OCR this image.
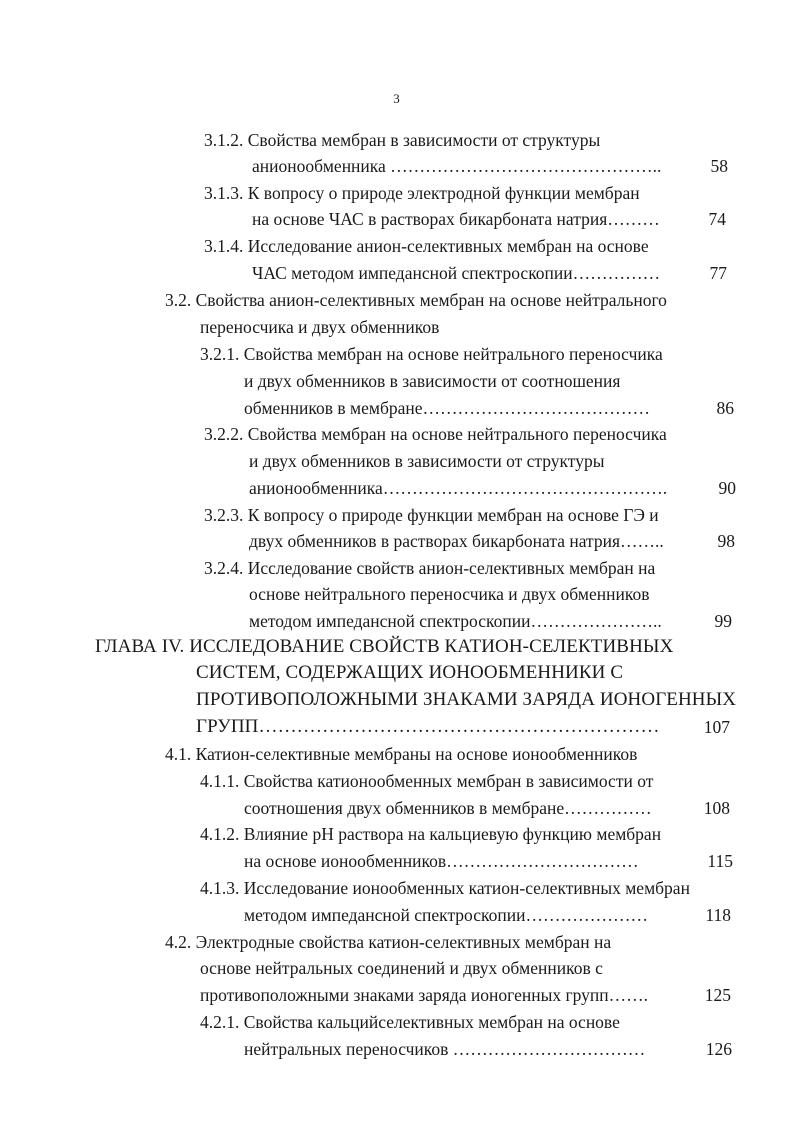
3
3.1.2. Свойства мембран в зависимости от структуры
анионообменника ………………………………………..	58
3.1.3. К вопросу о природе электродной функции мембран
на основе ЧАС в растворах бикарбоната натрия………	74
3.1.4. Исследование анион-селективных мембран на основе
ЧАС методом импедансной спектроскопии……………	77
3.2. Свойства анион-селективных мембран на основе нейтрального
переносчика и двух обменников
3.2.1. Свойства мембран на основе нейтрального переносчика
и двух обменников в зависимости от соотношения
обменников в мембране…………………………………	86
3.2.2. Свойства мембран на основе нейтрального переносчика
и двух обменников в зависимости от структуры
анионообменника………………………………………….	90
3.2.3. К вопросу о природе функции мембран на основе ГЭ и
двух обменников в растворах бикарбоната натрия……..	98
3.2.4. Исследование свойств анион-селективных мембран на
основе нейтрального переносчика и двух обменников
методом импедансной спектроскопии…………………..	99
ГЛАВА IV. ИССЛЕДОВАНИЕ СВОЙСТВ КАТИОН-СЕЛЕКТИВНЫХ
СИСТЕМ, СОДЕРЖАЩИХ ИОНООБМЕННИКИ С
ПРОТИВОПОЛОЖНЫМИ ЗНАКАМИ ЗАРЯДА ИОНОГЕННЫХ
ГРУПП………………………………………………………	107
4.1. Катион-селективные мембраны на основе ионообменников
4.1.1. Свойства катионообменных мембран в зависимости от
соотношения двух обменников в мембране……………	108
4.1.2. Влияние pH раствора на кальциевую функцию мембран
на основе ионообменников……………………………	115
4.1.3. Исследование ионообменных катион-селективных мембран
методом импедансной спектроскопии…………………	118
4.2. Электродные свойства катион-селективных мембран на
основе нейтральных соединений и двух обменников с
противоположными знаками заряда ионогенных групп…….	125
4.2.1. Свойства кальцийселективных мембран на основе
нейтральных переносчиков ……………………………	126
